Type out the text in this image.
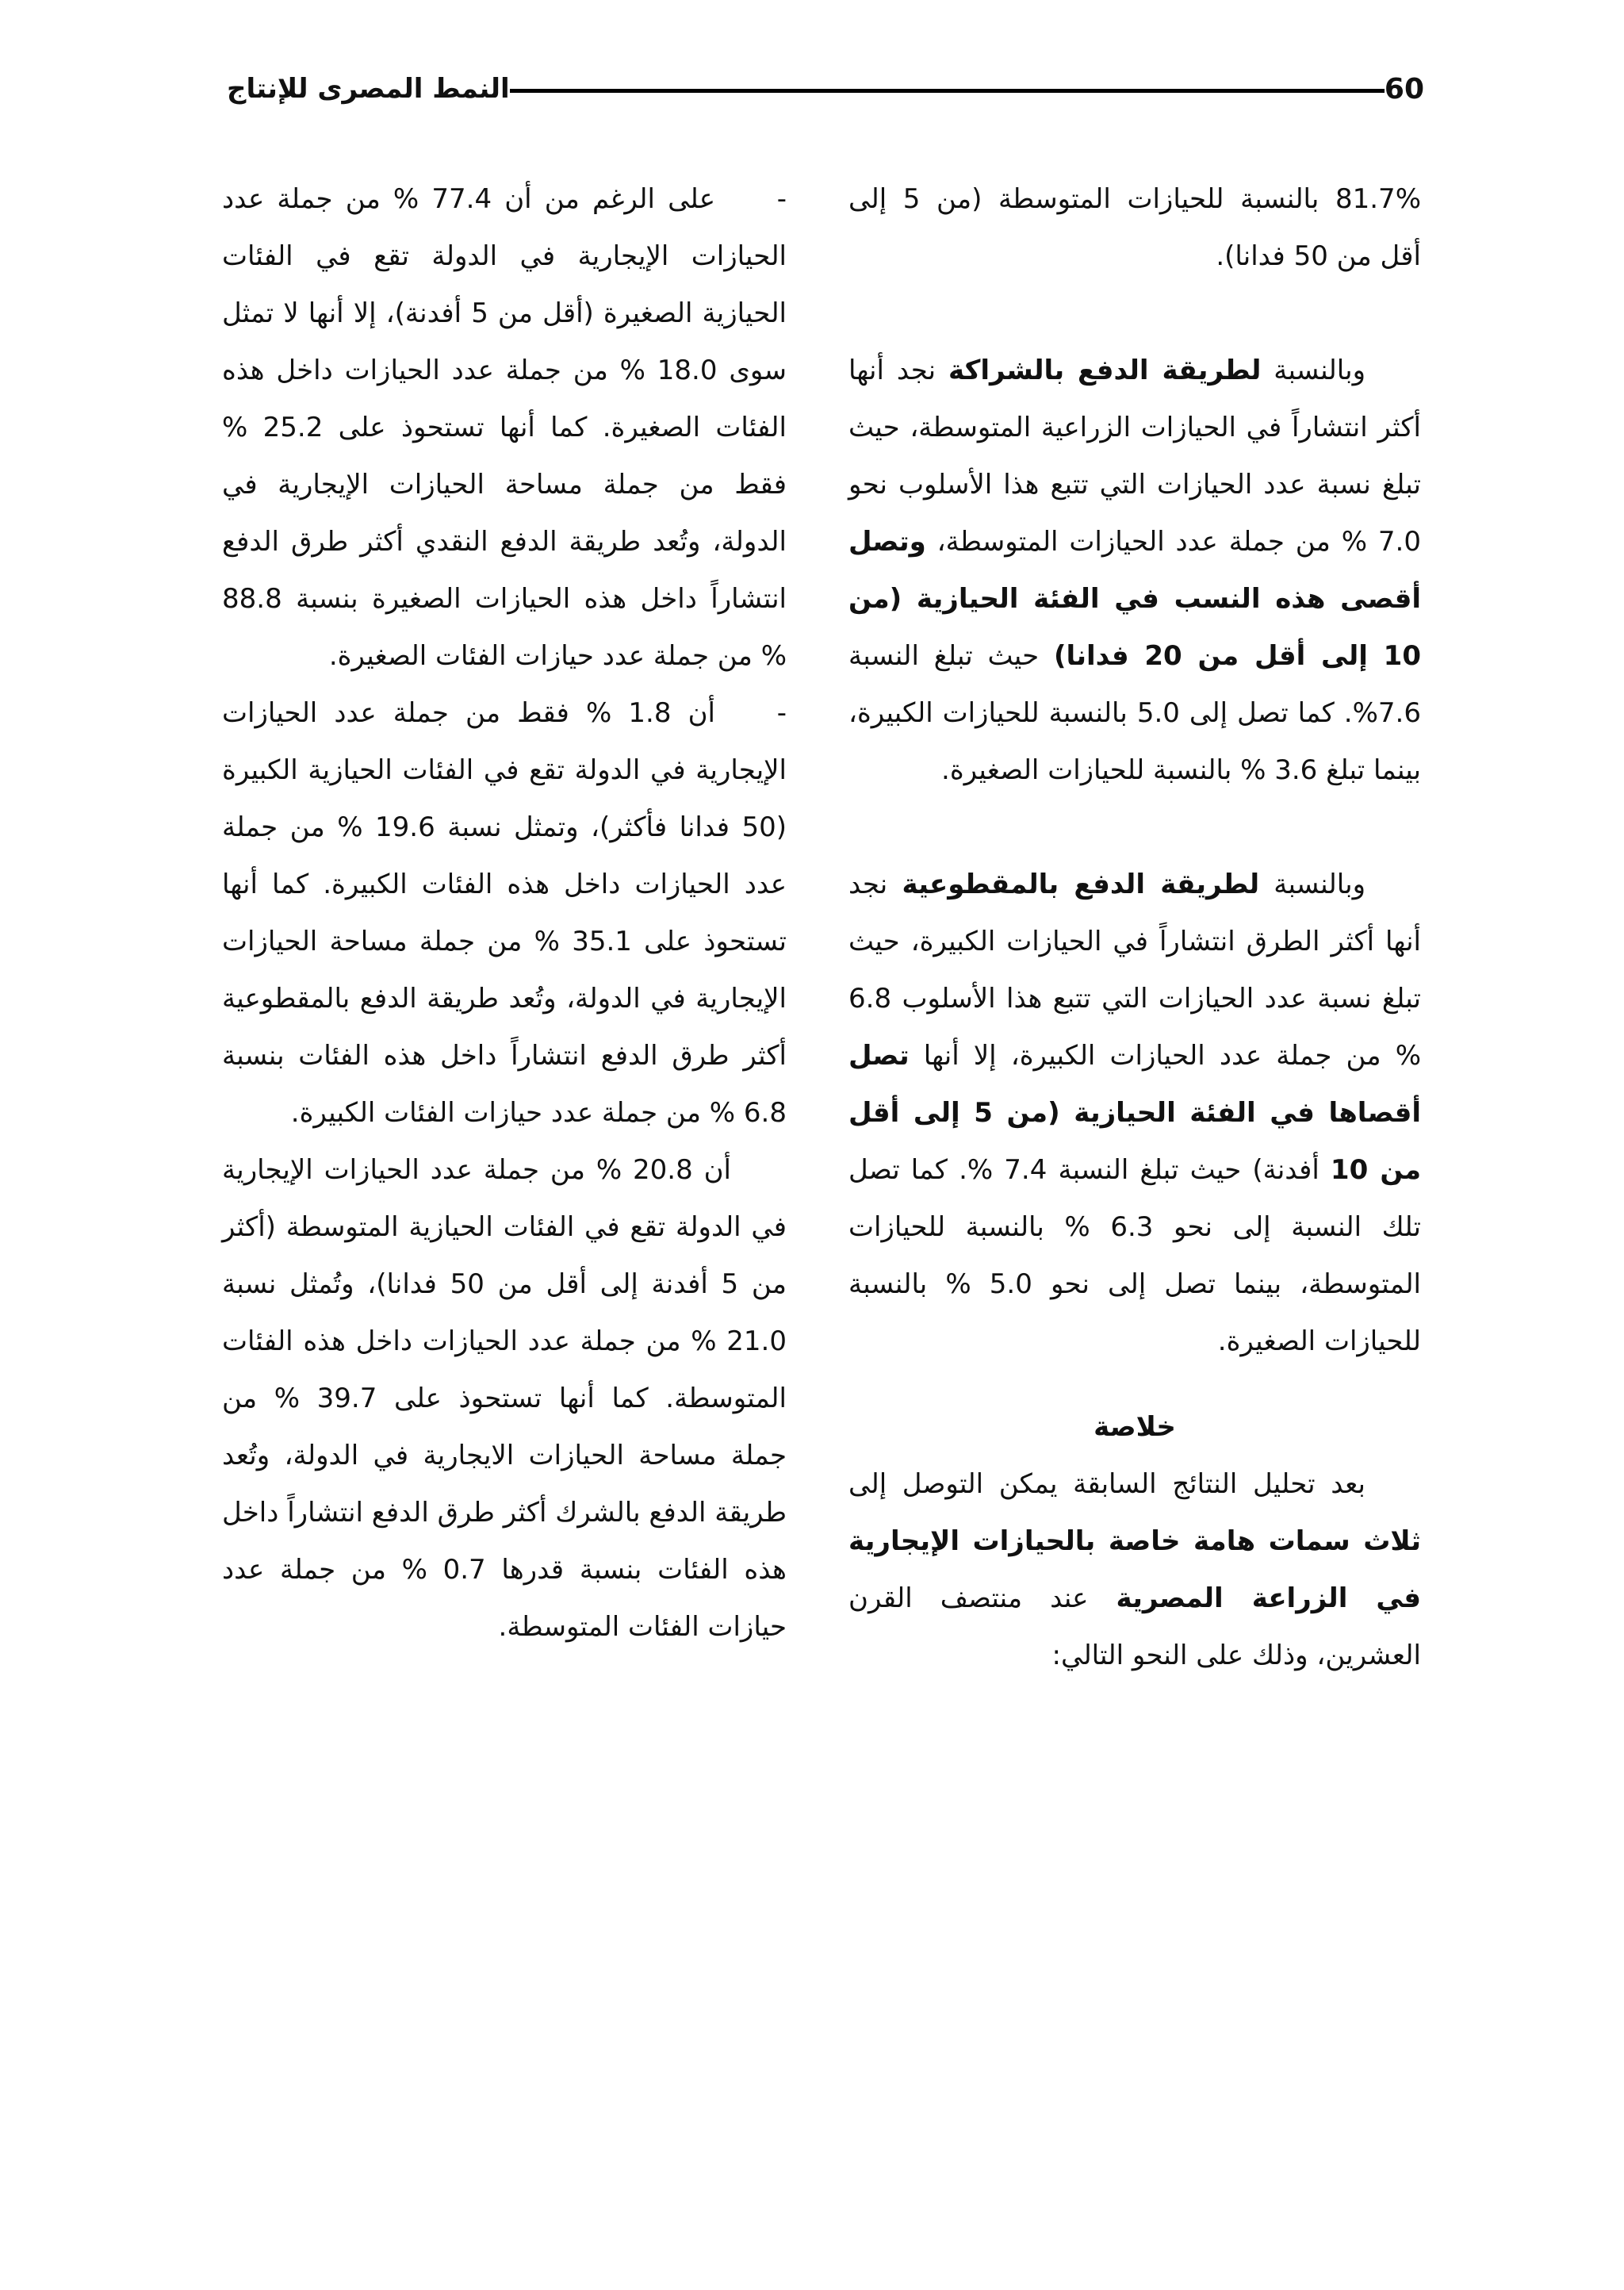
60
النمط المصرى للإنتاج

81.7% بالنسبة للحيازات المتوسطة (من 5 إلى أقل من 50 فدانا).

وبالنسبة لطريقة الدفع بالشراكة نجد أنها أكثر انتشاراً في الحيازات الزراعية المتوسطة، حيث تبلغ نسبة عدد الحيازات التي تتبع هذا الأسلوب نحو 7.0 % من جملة عدد الحيازات المتوسطة، وتصل أقصى هذه النسب في الفئة الحيازية (من 10 إلى أقل من 20 فدانا) حيث تبلغ النسبة 7.6%. كما تصل إلى 5.0 بالنسبة للحيازات الكبيرة، بينما تبلغ 3.6 % بالنسبة للحيازات الصغيرة.

وبالنسبة لطريقة الدفع بالمقطوعية نجد أنها أكثر الطرق انتشاراً في الحيازات الكبيرة، حيث تبلغ نسبة عدد الحيازات التي تتبع هذا الأسلوب 6.8 % من جملة عدد الحيازات الكبيرة، إلا أنها تصل أقصاها في الفئة الحيازية (من 5 إلى أقل من 10 أفدنة) حيث تبلغ النسبة 7.4 %. كما تصل تلك النسبة إلى نحو 6.3 % بالنسبة للحيازات المتوسطة، بينما تصل إلى نحو 5.0 % بالنسبة للحيازات الصغيرة.

خلاصة

بعد تحليل النتائج السابقة يمكن التوصل إلى ثلاث سمات هامة خاصة بالحيازات الإيجارية في الزراعة المصرية عند منتصف القرن العشرين، وذلك على النحو التالي:

-على الرغم من أن 77.4 % من جملة عدد الحيازات الإيجارية في الدولة تقع في الفئات الحيازية الصغيرة (أقل من 5 أفدنة)، إلا أنها لا تمثل سوى 18.0 % من جملة عدد الحيازات داخل هذه الفئات الصغيرة. كما أنها تستحوذ على 25.2 % فقط من جملة مساحة الحيازات الإيجارية في الدولة، وتُعد طريقة الدفع النقدي أكثر طرق الدفع انتشاراً داخل هذه الحيازات الصغيرة بنسبة 88.8 % من جملة عدد حيازات الفئات الصغيرة.

-أن 1.8 % فقط من جملة عدد الحيازات الإيجارية في الدولة تقع في الفئات الحيازية الكبيرة (50 فدانا فأكثر)، وتمثل نسبة 19.6 % من جملة عدد الحيازات داخل هذه الفئات الكبيرة. كما أنها تستحوذ على 35.1 % من جملة مساحة الحيازات الإيجارية في الدولة، وتُعد طريقة الدفع بالمقطوعية أكثر طرق الدفع انتشاراً داخل هذه الفئات بنسبة 6.8 % من جملة عدد حيازات الفئات الكبيرة.

أن 20.8 % من جملة عدد الحيازات الإيجارية في الدولة تقع في الفئات الحيازية المتوسطة (أكثر من 5 أفدنة إلى أقل من 50 فدانا)، وتُمثل نسبة 21.0 % من جملة عدد الحيازات داخل هذه الفئات المتوسطة. كما أنها تستحوذ على 39.7 % من جملة مساحة الحيازات الايجارية في الدولة، وتُعد طريقة الدفع بالشرك أكثر طرق الدفع انتشاراً داخل هذه الفئات بنسبة قدرها 0.7 % من جملة عدد حيازات الفئات المتوسطة.
